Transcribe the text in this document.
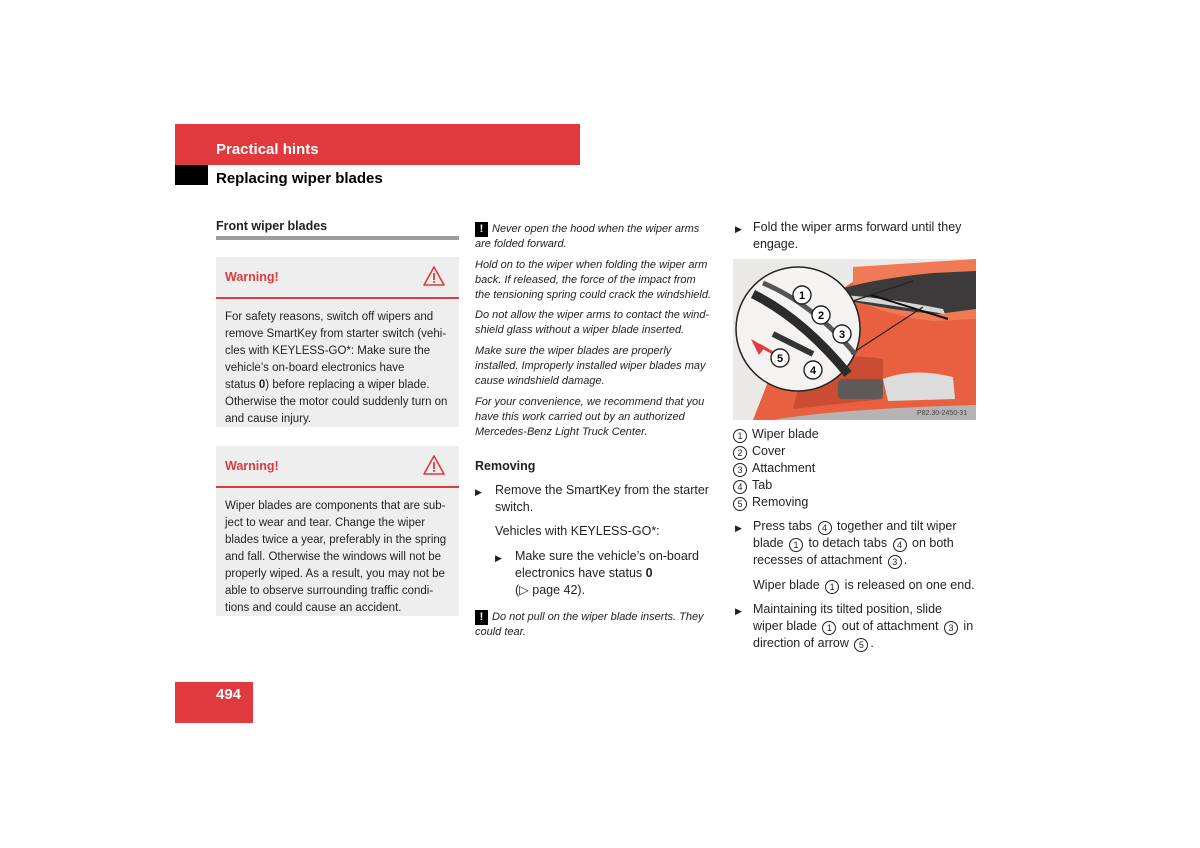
Practical hints
Replacing wiper blades
Front wiper blades
Warning!
For safety reasons, switch off wipers and
remove SmartKey from starter switch (vehi-
cles with KEYLESS-GO*: Make sure the
vehicle’s on-board electronics have
status 0) before replacing a wiper blade.
Otherwise the motor could suddenly turn on
and cause injury.
Warning!
Wiper blades are components that are sub-
ject to wear and tear. Change the wiper
blades twice a year, preferably in the spring
and fall. Otherwise the windows will not be
properly wiped. As a result, you may not be
able to observe surrounding traffic condi-
tions and could cause an accident.
! Never open the hood when the wiper arms
are folded forward.
Hold on to the wiper when folding the wiper arm
back. If released, the force of the impact from
the tensioning spring could crack the windshield.
Do not allow the wiper arms to contact the wind-
shield glass without a wiper blade inserted.
Make sure the wiper blades are properly
installed. Improperly installed wiper blades may
cause windshield damage.
For your convenience, we recommend that you
have this work carried out by an authorized
Mercedes-Benz Light Truck Center.
Removing
▶ Remove the SmartKey from the starter
switch.
Vehicles with KEYLESS-GO*:
▶ Make sure the vehicle’s on-board
electronics have status 0
(▷ page 42).
! Do not pull on the wiper blade inserts. They
could tear.
▶ Fold the wiper arms forward until they
engage.
1
2
3
4
5
P82.30-2450-31
1 Wiper blade
2 Cover
3 Attachment
4 Tab
5 Removing
▶ Press tabs 4 together and tilt wiper
blade 1 to detach tabs 4 on both
recesses of attachment 3 .
Wiper blade 1 is released on one end.
▶ Maintaining its tilted position, slide
wiper blade 1 out of attachment 3 in
direction of arrow 5 .
494
